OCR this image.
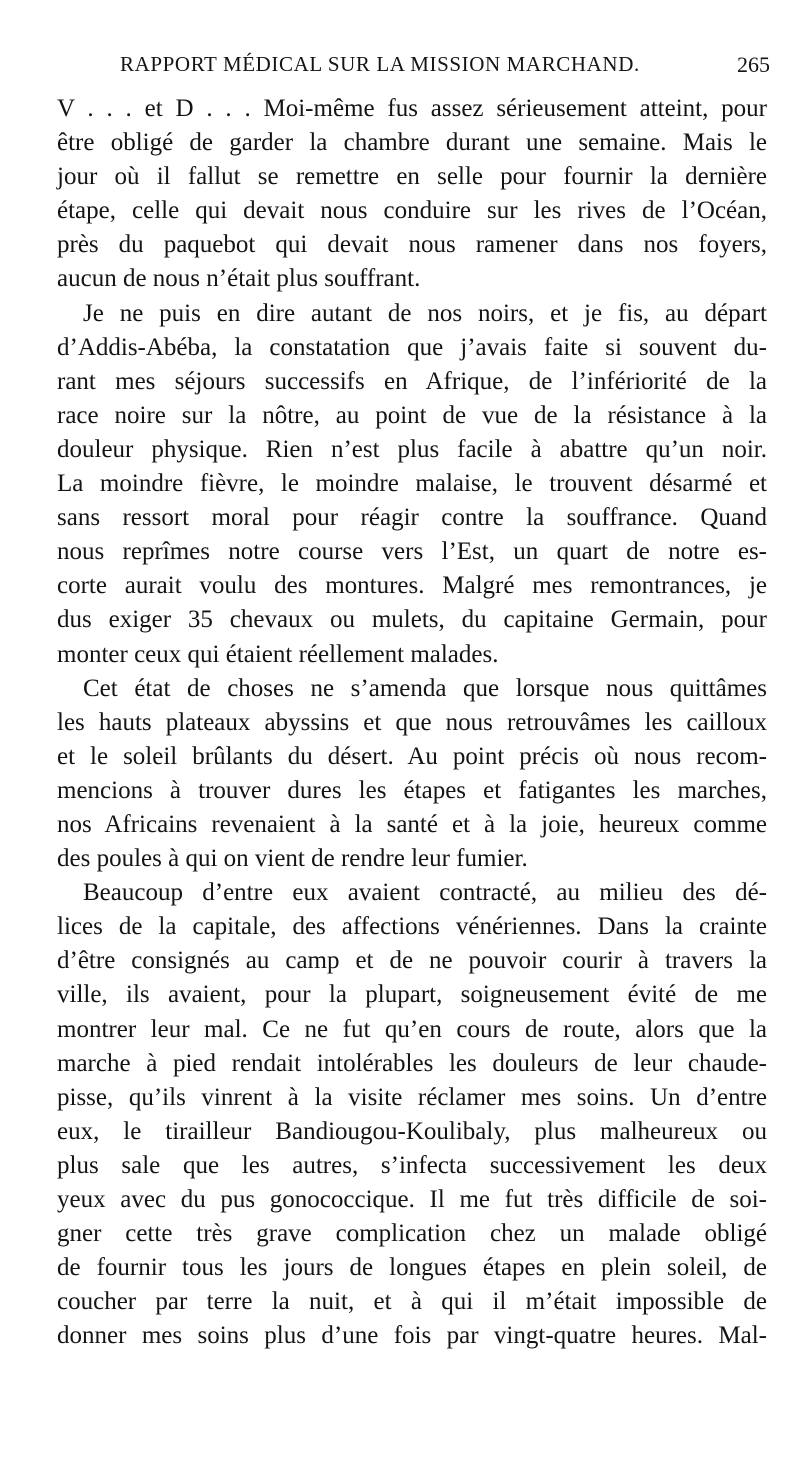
RAPPORT MÉDICAL SUR LA MISSION MARCHAND.	265
V . . . et D . . . Moi-même fus assez sérieusement atteint, pour
être obligé de garder la chambre durant une semaine. Mais le
jour où il fallut se remettre en selle pour fournir la dernière
étape, celle qui devait nous conduire sur les rives de l’Océan,
près du paquebot qui devait nous ramener dans nos foyers,
aucun de nous n’était plus souffrant.
Je ne puis en dire autant de nos noirs, et je fis, au départ
d’Addis-Abéba, la constatation que j’avais faite si souvent du-
rant mes séjours successifs en Afrique, de l’infériorité de la
race noire sur la nôtre, au point de vue de la résistance à la
douleur physique. Rien n’est plus facile à abattre qu’un noir.
La moindre fièvre, le moindre malaise, le trouvent désarmé et
sans ressort moral pour réagir contre la souffrance. Quand
nous reprîmes notre course vers l’Est, un quart de notre es-
corte aurait voulu des montures. Malgré mes remontrances, je
dus exiger 35 chevaux ou mulets, du capitaine Germain, pour
monter ceux qui étaient réellement malades.
Cet état de choses ne s’amenda que lorsque nous quittâmes
les hauts plateaux abyssins et que nous retrouvâmes les cailloux
et le soleil brûlants du désert. Au point précis où nous recom-
mencions à trouver dures les étapes et fatigantes les marches,
nos Africains revenaient à la santé et à la joie, heureux comme
des poules à qui on vient de rendre leur fumier.
Beaucoup d’entre eux avaient contracté, au milieu des dé-
lices de la capitale, des affections vénériennes. Dans la crainte
d’être consignés au camp et de ne pouvoir courir à travers la
ville, ils avaient, pour la plupart, soigneusement évité de me
montrer leur mal. Ce ne fut qu’en cours de route, alors que la
marche à pied rendait intolérables les douleurs de leur chaude-
pisse, qu’ils vinrent à la visite réclamer mes soins. Un d’entre
eux, le tirailleur Bandiougou-Koulibaly, plus malheureux ou
plus sale que les autres, s’infecta successivement les deux
yeux avec du pus gonococcique. Il me fut très difficile de soi-
gner cette très grave complication chez un malade obligé
de fournir tous les jours de longues étapes en plein soleil, de
coucher par terre la nuit, et à qui il m’était impossible de
donner mes soins plus d’une fois par vingt-quatre heures. Mal-
